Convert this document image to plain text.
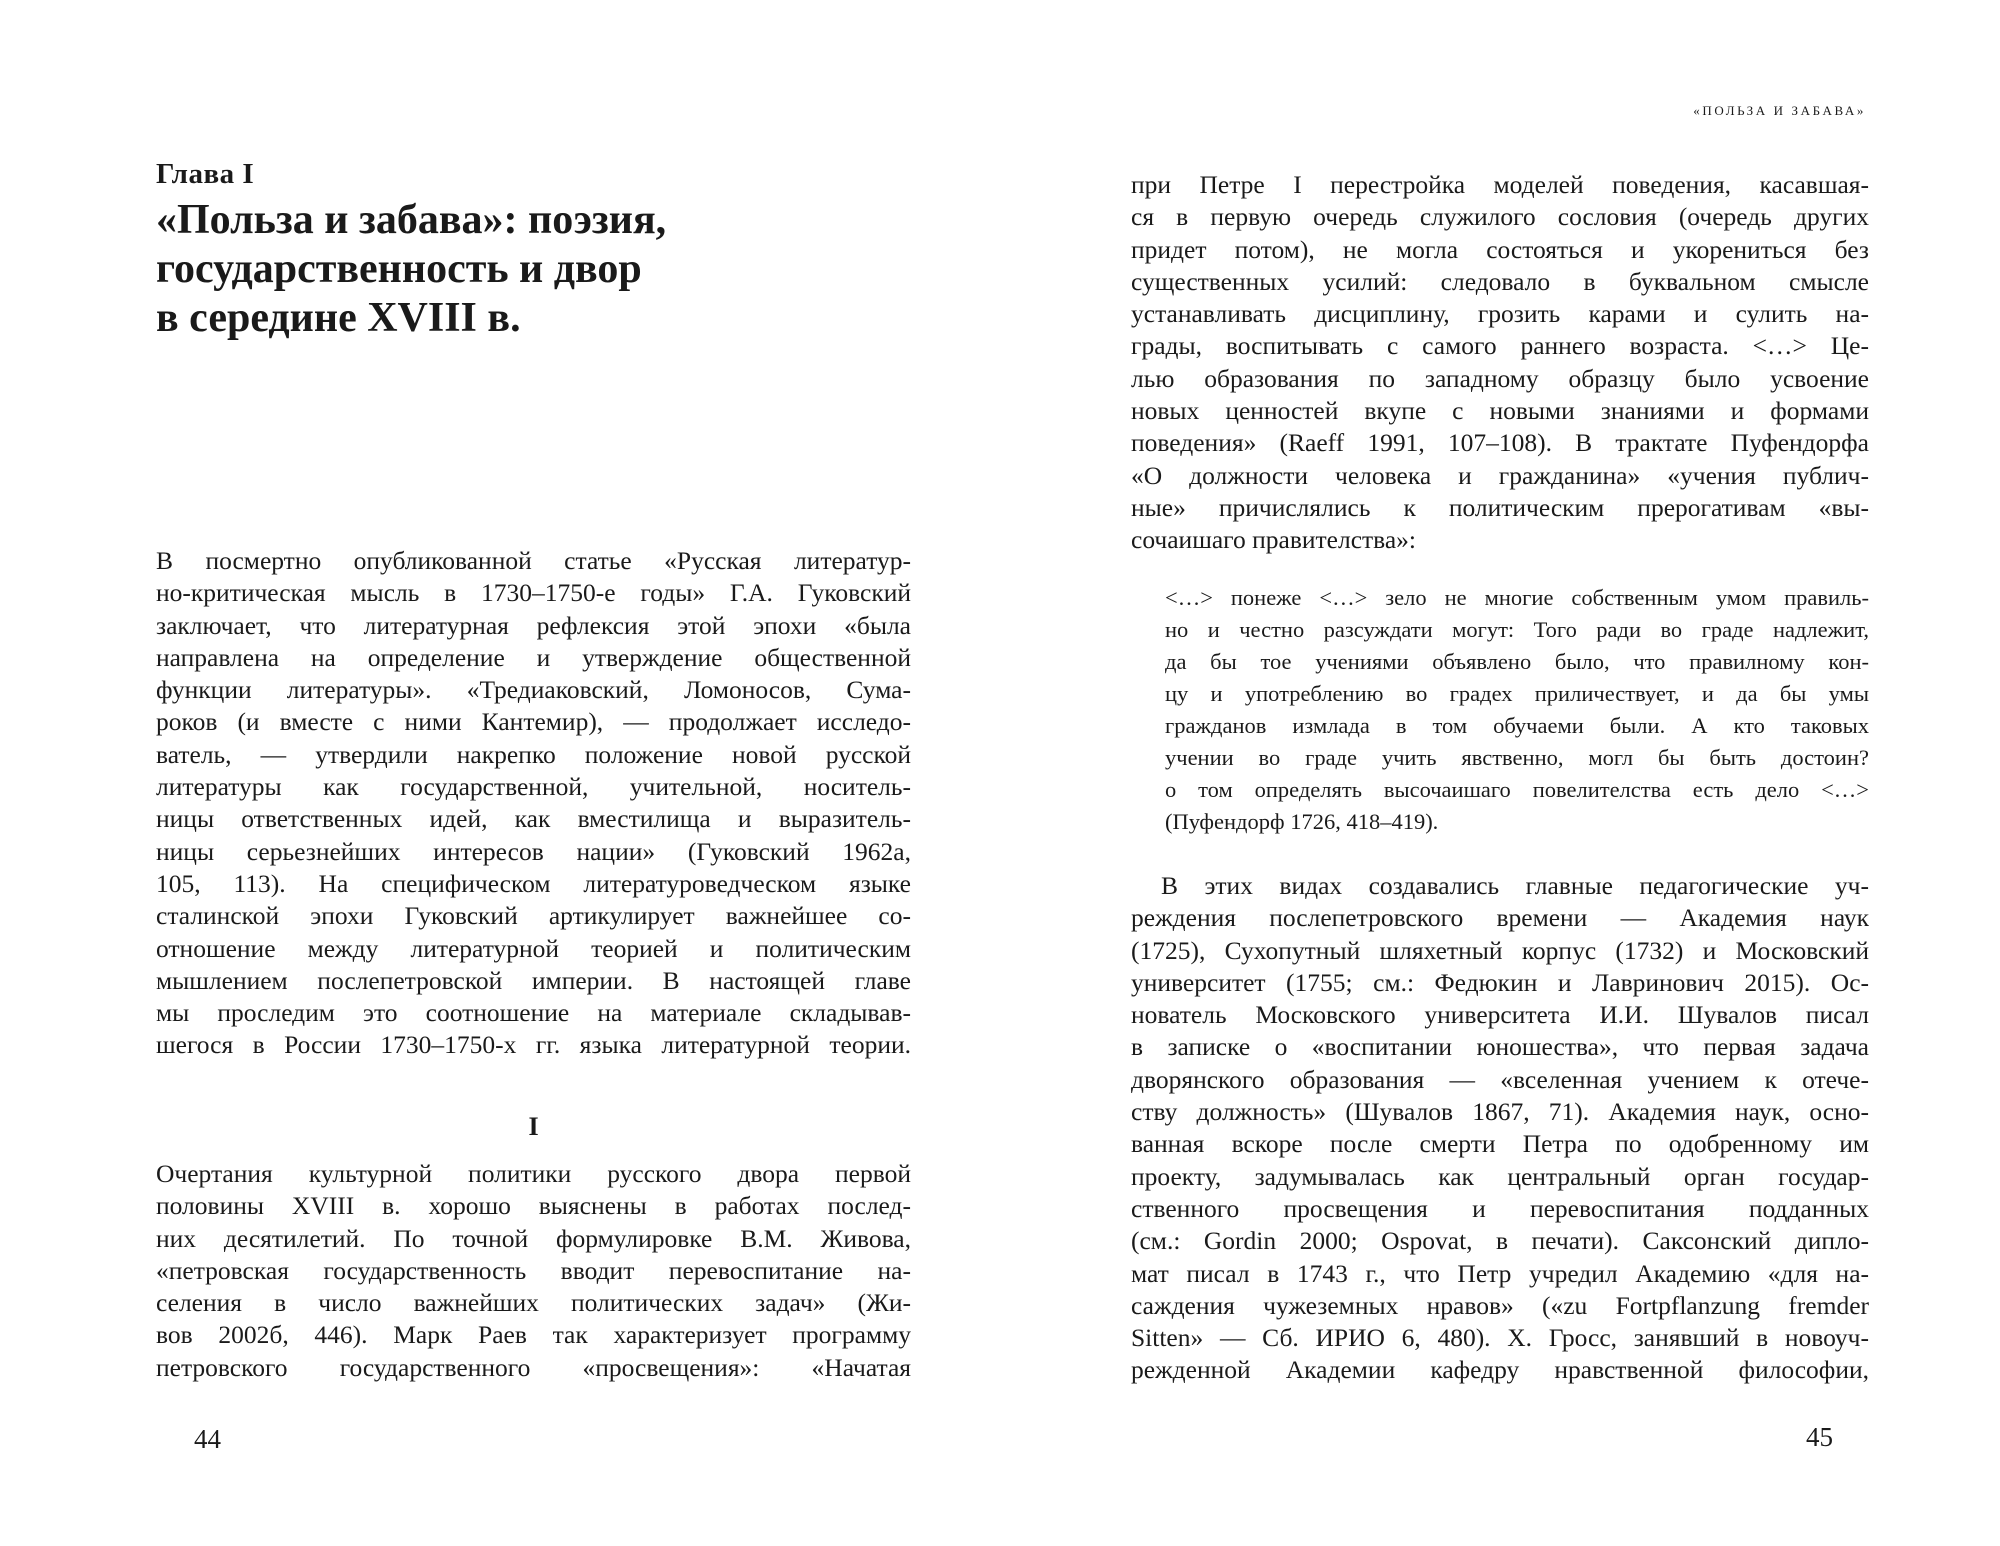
Глава I
«Польза и забава»: поэзия,
государственность и двор
в середине XVIII в.
В посмертно опубликованной статье «Русская литератур-
но-критическая мысль в 1730–1750-е годы» Г.А. Гуковский
заключает, что литературная рефлексия этой эпохи «была
направлена на определение и утверждение общественной
функции литературы». «Тредиаковский, Ломоносов, Сума-
роков (и вместе с ними Кантемир), — продолжает исследо-
ватель, — утвердили накрепко положение новой русской
литературы как государственной, учительной, носитель-
ницы ответственных идей, как вместилища и выразитель-
ницы серьезнейших интересов нации» (Гуковский 1962а,
105, 113). На специфическом литературоведческом языке
сталинской эпохи Гуковский артикулирует важнейшее со-
отношение между литературной теорией и политическим
мышлением послепетровской империи. В настоящей главе
мы проследим это соотношение на материале складывав-
шегося в России 1730–1750-х гг. языка литературной теории.
I
Очертания культурной политики русского двора первой
половины XVIII в. хорошо выяснены в работах послед-
них десятилетий. По точной формулировке В.М. Живова,
«петровская государственность вводит перевоспитание на-
селения в число важнейших политических задач» (Жи-
вов 2002б, 446). Марк Раев так характеризует программу
петровского государственного «просвещения»: «Начатая
44
«ПОЛЬЗА И ЗАБАВА»
при Петре I перестройка моделей поведения, касавшая-
ся в первую очередь служилого сословия (очередь других
придет потом), не могла состояться и укорениться без
существенных усилий: следовало в буквальном смысле
устанавливать дисциплину, грозить карами и сулить на-
грады, воспитывать с самого раннего возраста. <…> Це-
лью образования по западному образцу было усвоение
новых ценностей вкупе с новыми знаниями и формами
поведения» (Raeff 1991, 107–108). В трактате Пуфендорфа
«О должности человека и гражданина» «учения публич-
ные» причислялись к политическим прерогативам «вы-
сочаишаго правителства»:
<…> понеже <…> зело не многие собственным умом правиль-
но и честно разсуждати могут: Того ради во граде надлежит,
да бы тое учениями объявлено было, что правилному кон-
цу и употреблению во градех приличествует, и да бы умы
гражданов измлада в том обучаеми были. А кто таковых
учении во граде учить явственно, могл бы быть достоин?
о том определять высочаишаго повелителства есть дело <…>
(Пуфендорф 1726, 418–419).
В этих видах создавались главные педагогические уч-
реждения послепетровского времени — Академия наук
(1725), Сухопутный шляхетный корпус (1732) и Московский
университет (1755; см.: Федюкин и Лавринович 2015). Ос-
нователь Московского университета И.И. Шувалов писал
в записке о «воспитании юношества», что первая задача
дворянского образования — «вселенная учением к отече-
ству должность» (Шувалов 1867, 71). Академия наук, осно-
ванная вскоре после смерти Петра по одобренному им
проекту, задумывалась как центральный орган государ-
ственного просвещения и перевоспитания подданных
(см.: Gordin 2000; Ospovat, в печати). Саксонский дипло-
мат писал в 1743 г., что Петр учредил Академию «для на-
саждения чужеземных нравов» («zu Fortpflanzung fremder
Sitten» — Сб. ИРИО 6, 480). Х. Гросс, занявший в новоуч-
режденной Академии кафедру нравственной философии,
45
